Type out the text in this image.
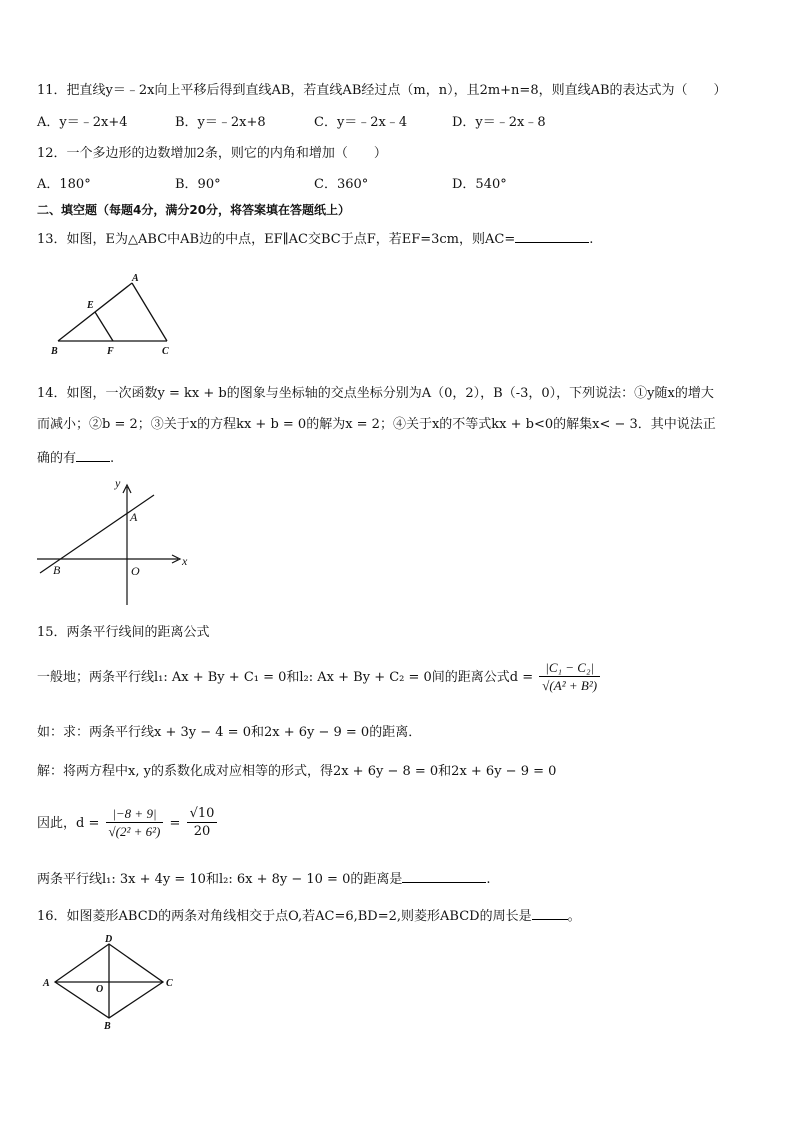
11．把直线y＝﹣2x向上平移后得到直线AB，若直线AB经过点（m，n），且2m+n=8，则直线AB的表达式为（　　）
A．y＝﹣2x+4	B．y＝﹣2x+8	C．y＝﹣2x﹣4	D．y＝﹣2x﹣8
12．一个多边形的边数增加2条，则它的内角和增加（　　）
A．180°	B．90°	C．360°	D．540°
二、填空题（每题4分，满分20分，将答案填在答题纸上）
13．如图，E为△ABC中AB边的中点，EF∥AC交BC于点F，若EF=3cm，则AC=	.
A
E
B	F	C
14．如图，一次函数y = kx + b的图象与坐标轴的交点坐标分别为A（0，2），B（-3，0），下列说法：①y随x的增大
而减小；②b = 2；③关于x的方程kx + b = 0的解为x = 2；④关于x的不等式kx + b<0的解集x< − 3．其中说法正
确的有	.
y
x
A
B	O
15．两条平行线间的距离公式
一般地；两条平行线l₁: Ax + By + C₁ = 0和l₂: Ax + By + C₂ = 0间的距离公式$d = \frac{\text{|C₁ − C₂|}}{\text{√(A² + B²)}}$
如：求：两条平行线x + 3y − 4 = 0和2x + 6y − 9 = 0的距离．
解：将两方程中x, y的系数化成对应相等的形式，得2x + 6y − 8 = 0和2x + 6y − 9 = 0
因此，$d = \frac{|-8 + 9|}{\text{√(2² + 6²)}} = \frac{√10}{20}$
两条平行线l₁: 3x + 4y = 10和l₂: 6x + 8y − 10 = 0的距离是	.
16．如图菱形ABCD的两条对角线相交于点O,若AC=6,BD=2,则菱形ABCD的周长是	。
D
A	C
O
B
